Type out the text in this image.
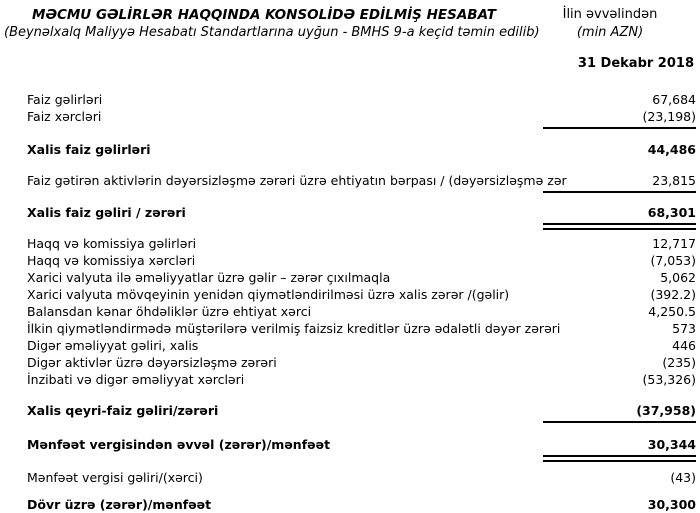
MƏCMU GƏLİRLƏR HAQQINDA KONSOLİDƏ EDİLMİŞ HESABAT
(Beynəlxalq Maliyyə Hesabatı Standartlarına uyğun - BMHS 9-a keçid təmin edilib)
İlin əvvəlindən
(min AZN)
31 Dekabr 2018
Faiz gəlirləri	67,684
Faiz xərcləri	(23,198)
Xalis faiz gəlirləri	44,486
Faiz gətirən aktivlərin dəyərsizləşmə zərəri üzrə ehtiyatın bərpası / (dəyərsizləşmə zər	23,815
Xalis faiz gəliri / zərəri	68,301
Haqq və komissiya gəlirləri	12,717
Haqq və komissiya xərcləri	(7,053)
Xarici valyuta ilə əməliyyatlar üzrə gəlir – zərər çıxılmaqla	5,062
Xarici valyuta mövqeyinin yenidən qiymətləndirilməsi üzrə xalis zərər /(gəlir)	(392.2)
Balansdan kənar öhdəliklər üzrə ehtiyat xərci	4,250.5
İlkin qiymətləndirmədə müştərilərə verilmiş faizsiz kreditlər üzrə ədalətli dəyər zərəri	573
Digər əməliyyat gəliri, xalis	446
Digər aktivlər üzrə dəyərsizləşmə zərəri	(235)
İnzibati və digər əməliyyat xərcləri	(53,326)
Xalis qeyri-faiz gəliri/zərəri	(37,958)
Mənfəət vergisindən əvvəl (zərər)/mənfəət	30,344
Mənfəət vergisi gəliri/(xərci)	(43)
Dövr üzrə (zərər)/mənfəət	30,300
